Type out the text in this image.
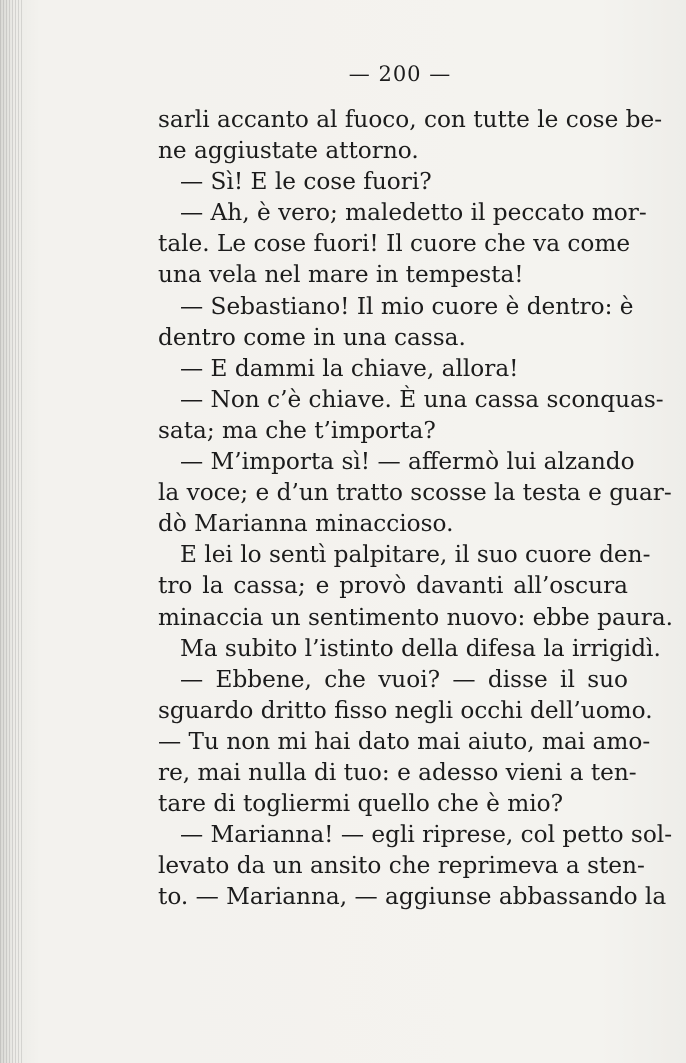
— 200 —
sarli accanto al fuoco, con tutte le cose be-
ne aggiustate attorno.
— Sì! E le cose fuori?
— Ah, è vero; maledetto il peccato mor-
tale. Le cose fuori! Il cuore che va come
una vela nel mare in tempesta!
— Sebastiano! Il mio cuore è dentro: è
dentro come in una cassa.
— E dammi la chiave, allora!
— Non c’è chiave. È una cassa sconquas-
sata; ma che t’importa?
— M’importa sì! — affermò lui alzando
la voce; e d’un tratto scosse la testa e guar-
dò Marianna minaccioso.
E lei lo sentì palpitare, il suo cuore den-
tro la cassa; e provò davanti all’oscura
minaccia un sentimento nuovo: ebbe paura.
Ma subito l’istinto della difesa la irrigidì.
— Ebbene, che vuoi? — disse il suo
sguardo dritto fisso negli occhi dell’uomo.
— Tu non mi hai dato mai aiuto, mai amo-
re, mai nulla di tuo: e adesso vieni a ten-
tare di togliermi quello che è mio?
— Marianna! — egli riprese, col petto sol-
levato da un ansito che reprimeva a sten-
to. — Marianna, — aggiunse abbassando la
